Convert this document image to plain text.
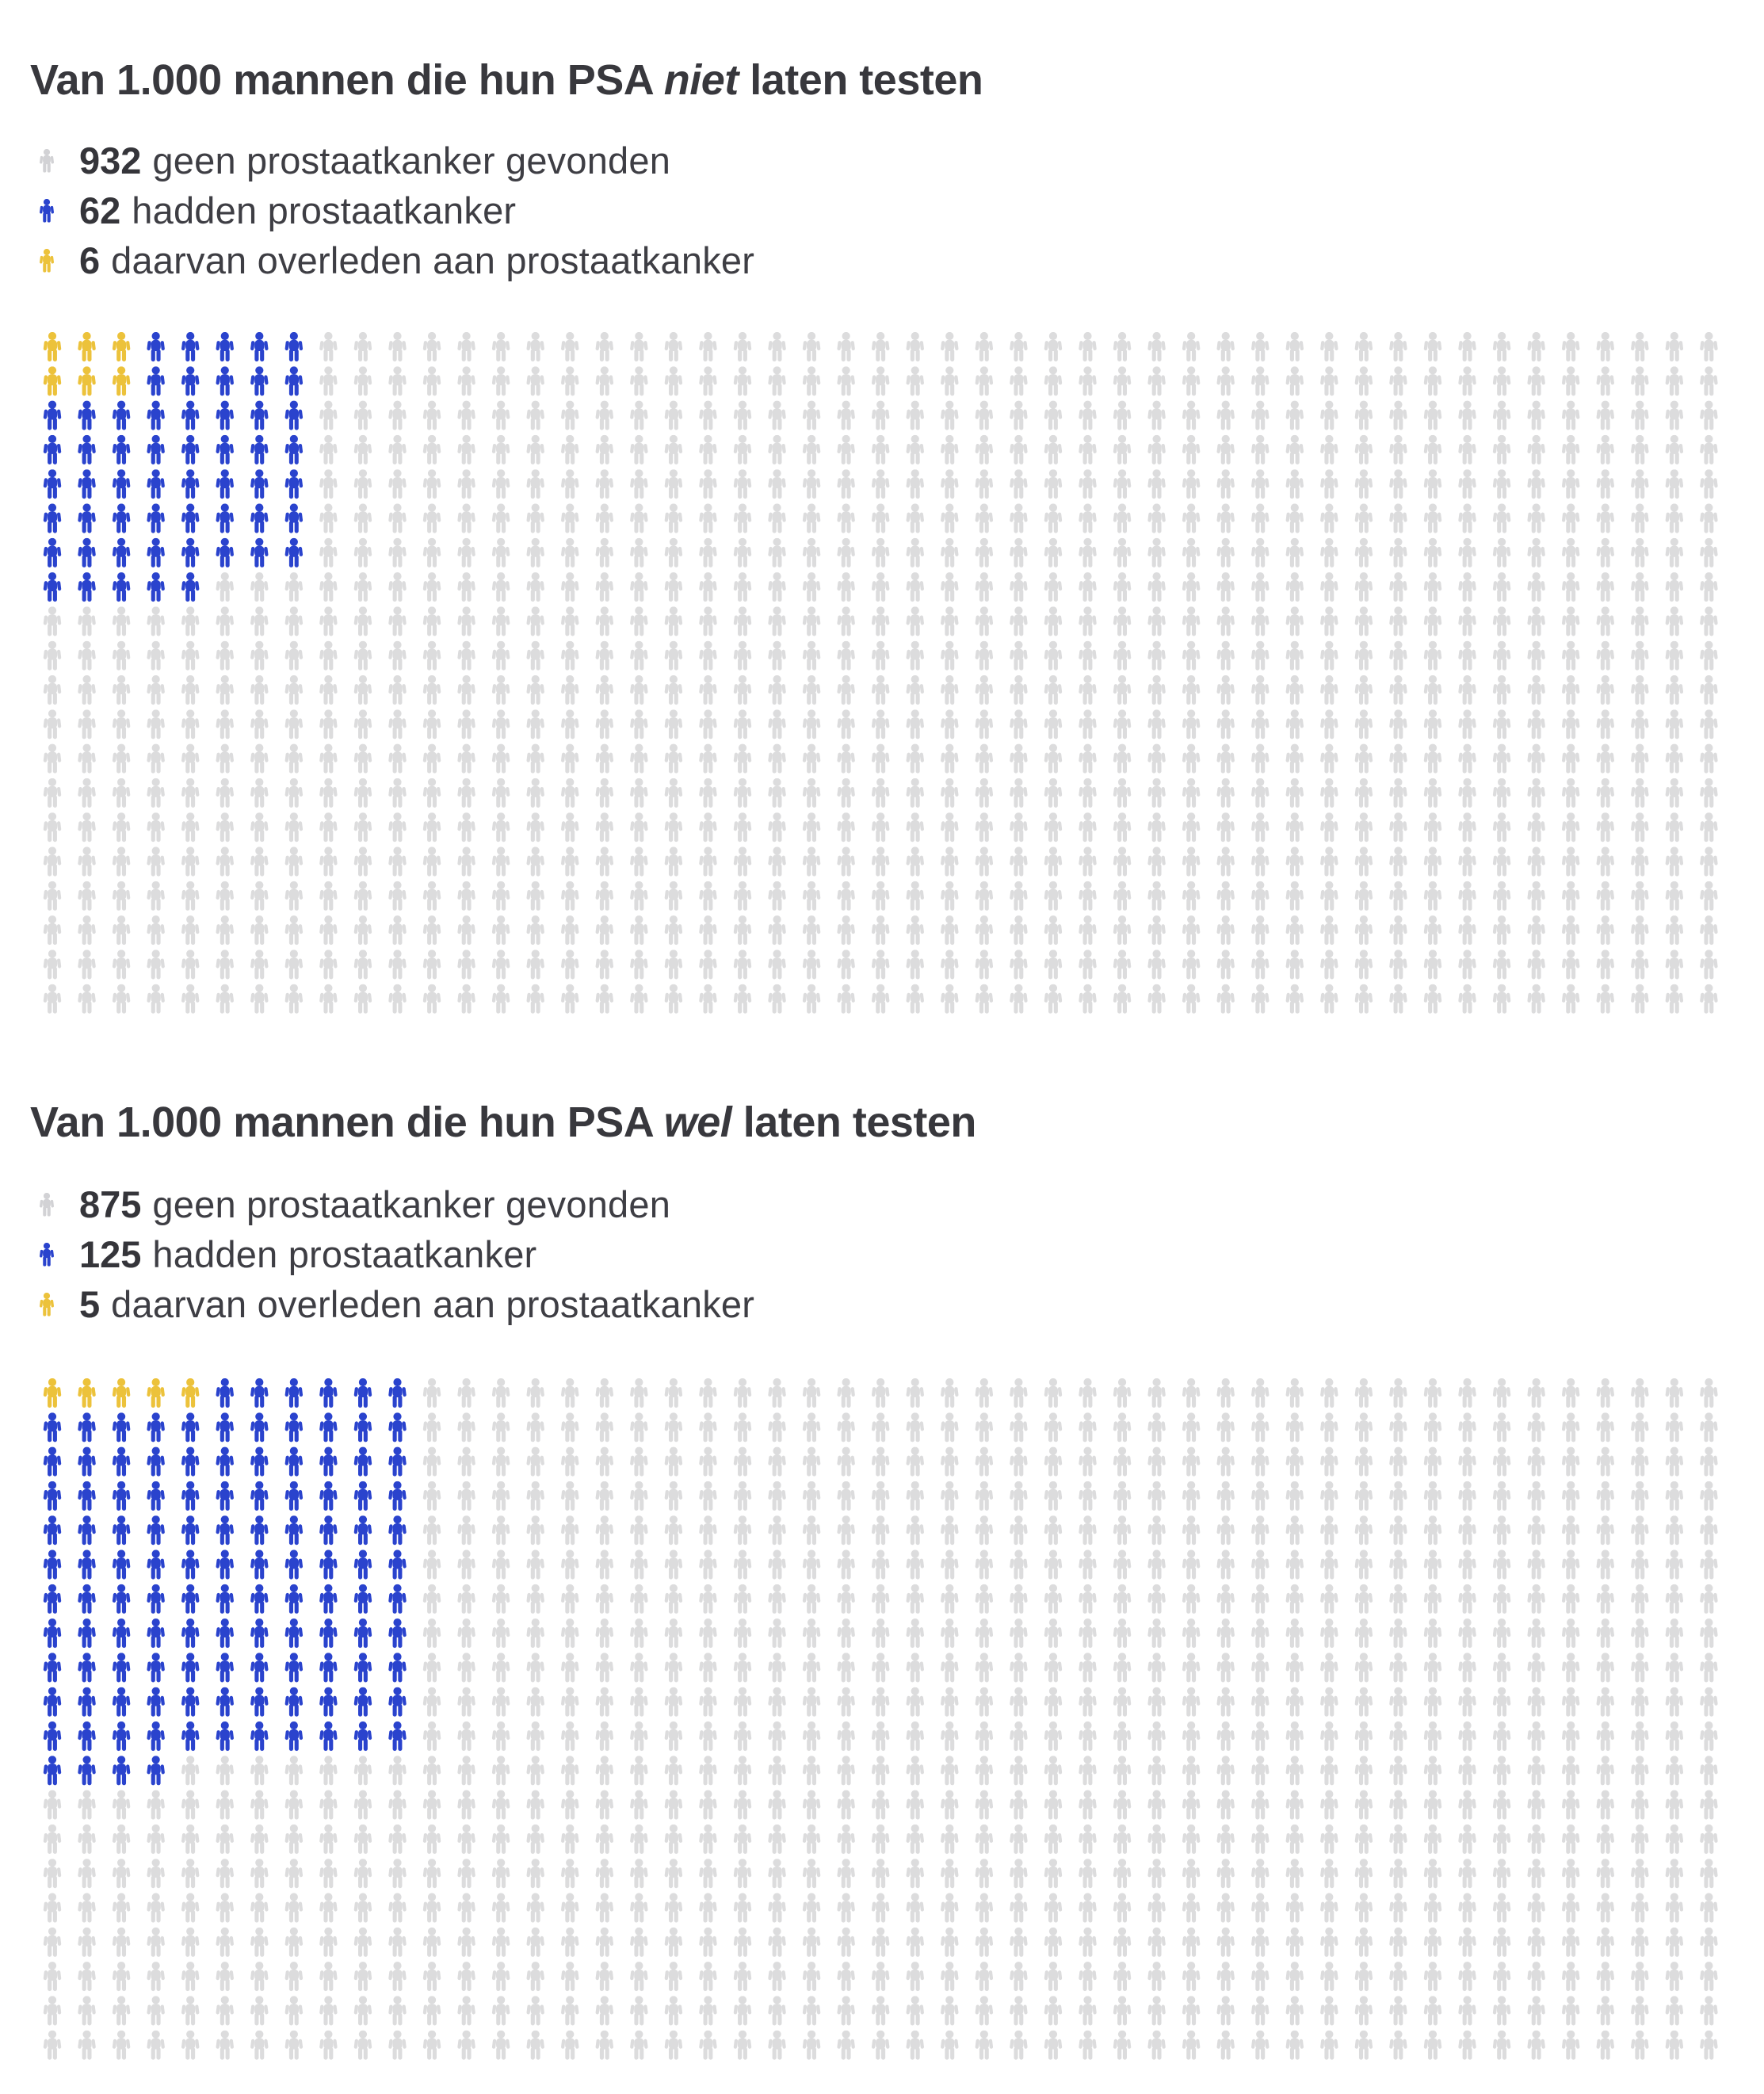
Van 1.000 mannen die hun PSA niet laten testen
932 geen prostaatkanker gevonden
62 hadden prostaatkanker
6 daarvan overleden aan prostaatkanker
Van 1.000 mannen die hun PSA wel laten testen
875 geen prostaatkanker gevonden
125 hadden prostaatkanker
5 daarvan overleden aan prostaatkanker
